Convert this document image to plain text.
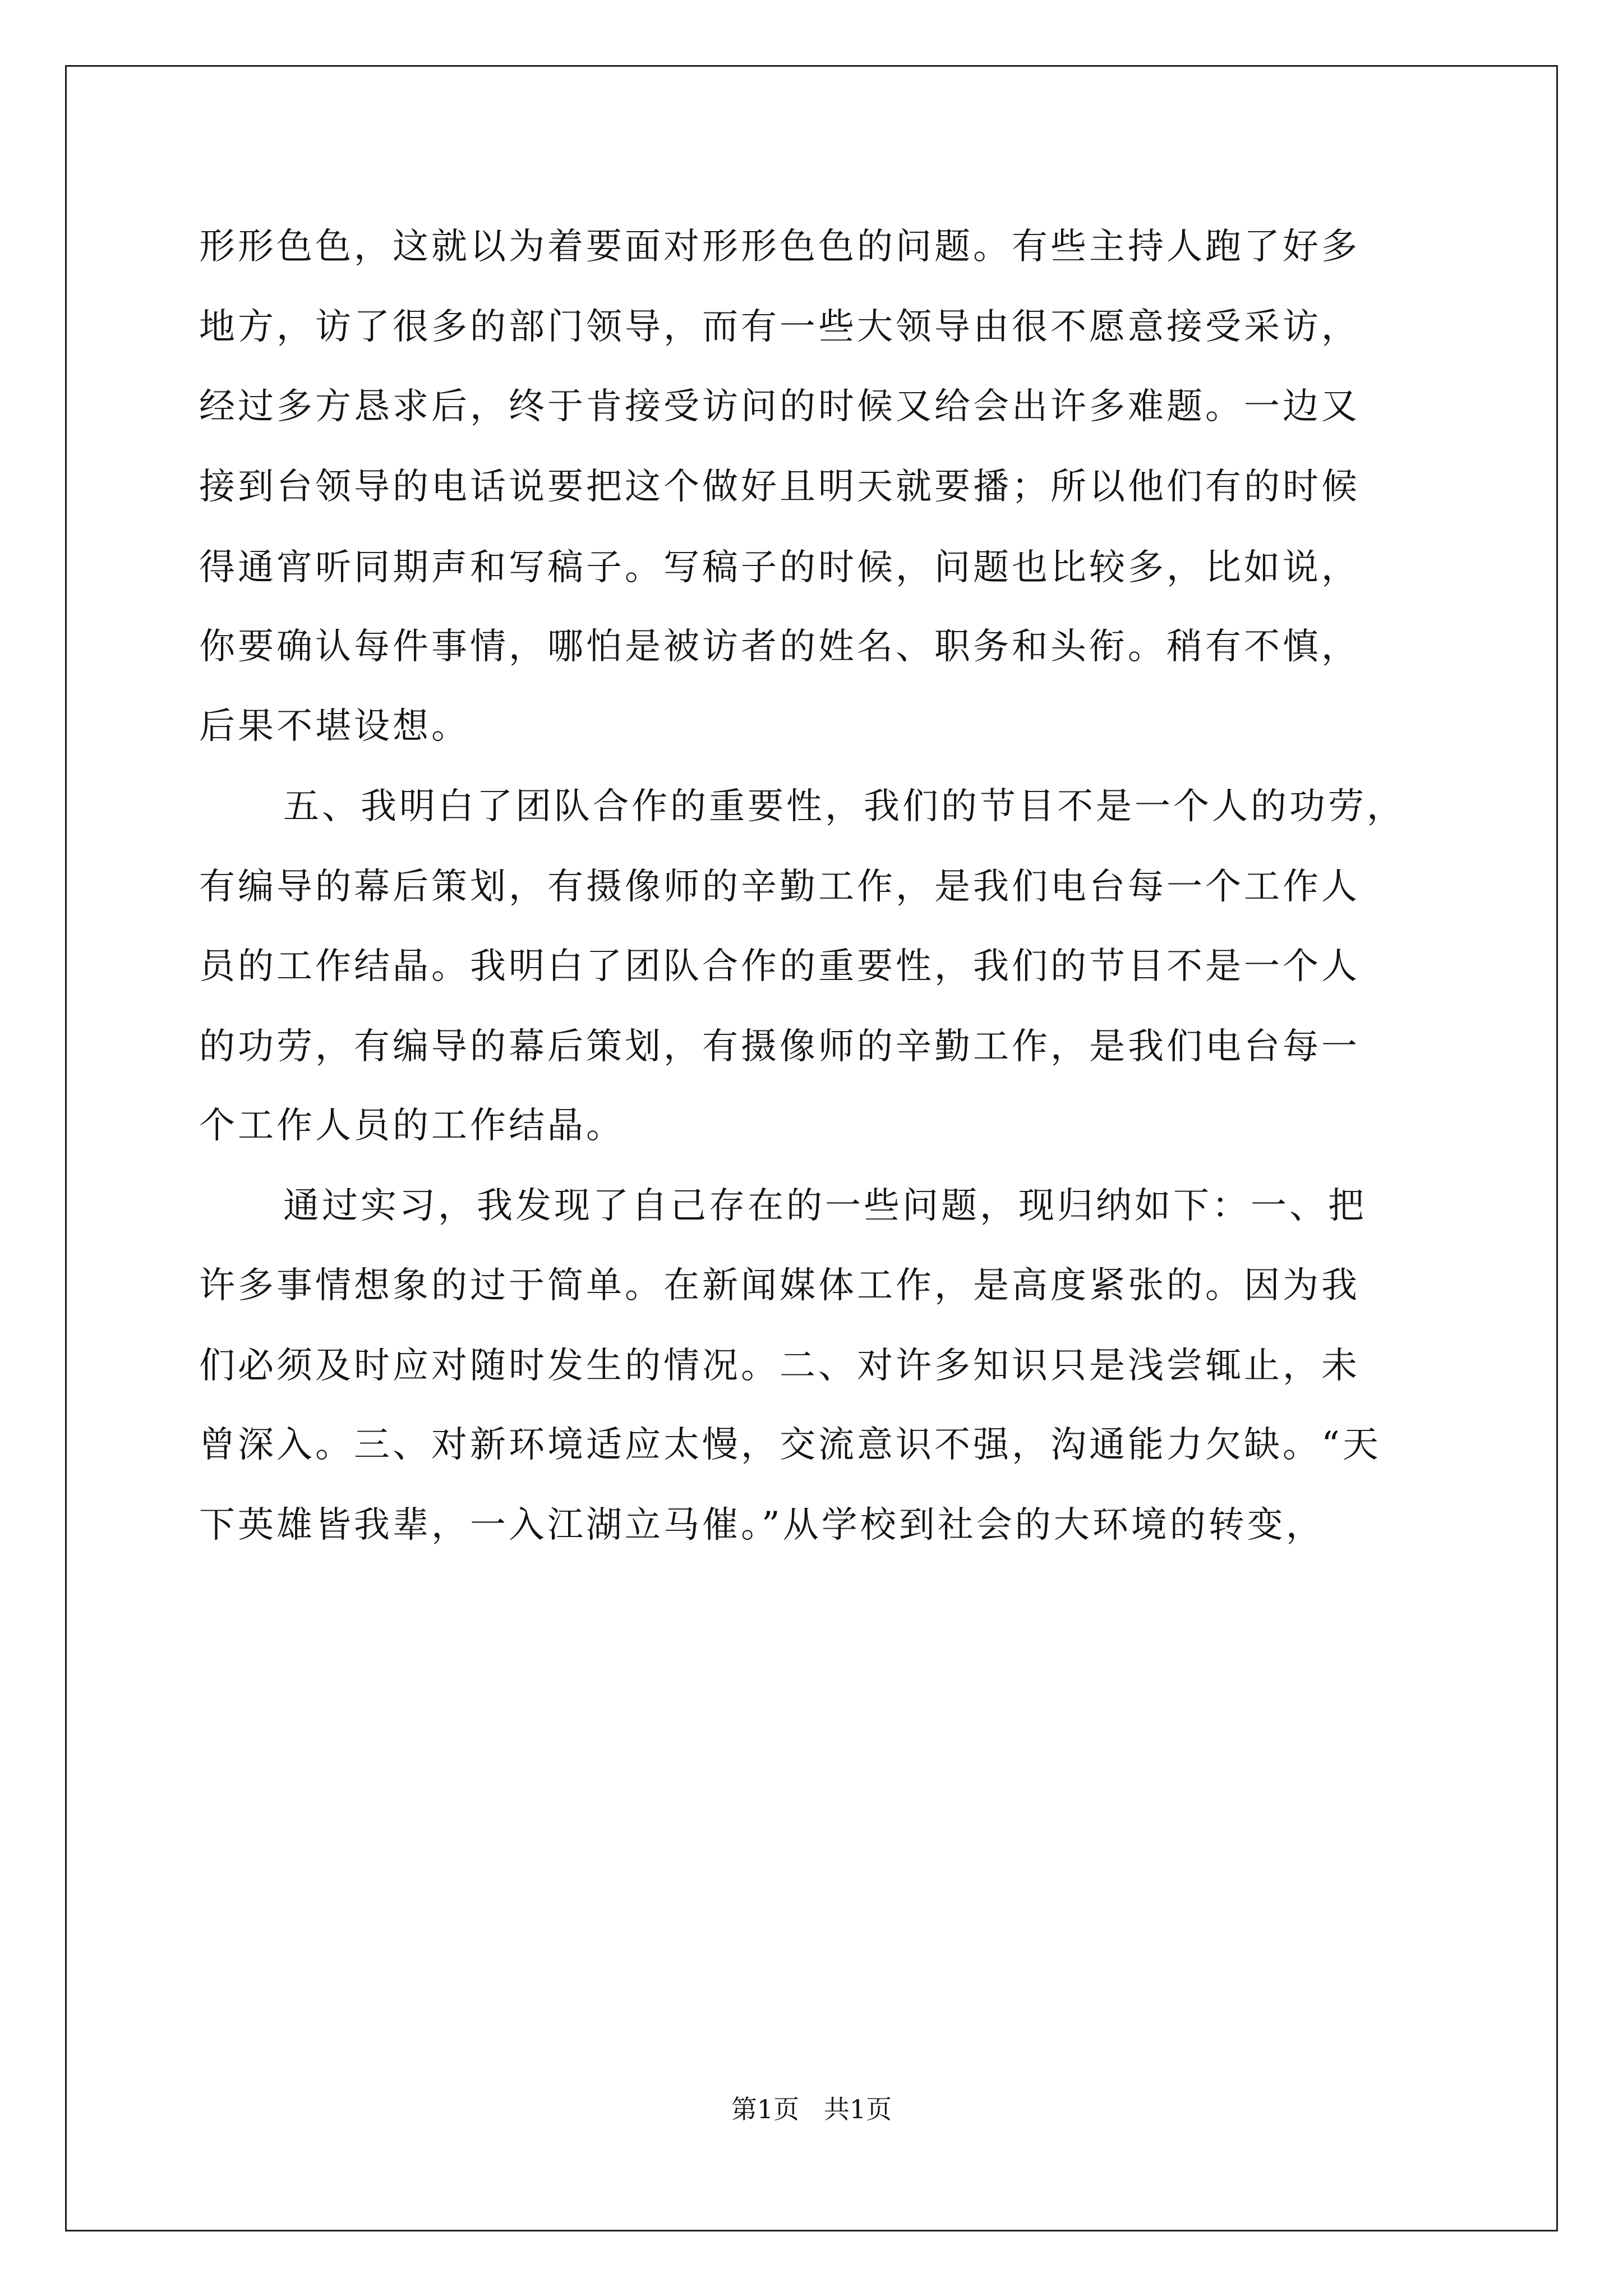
形形色色，这就以为着要面对形形色色的问题。有些主持人跑了好多
地方，访了很多的部门领导，而有一些大领导由很不愿意接受采访，
经过多方恳求后，终于肯接受访问的时候又给会出许多难题。一边又
接到台领导的电话说要把这个做好且明天就要播；所以他们有的时候
得通宵听同期声和写稿子。写稿子的时候，问题也比较多，比如说，
你要确认每件事情，哪怕是被访者的姓名、职务和头衔。稍有不慎，
后果不堪设想。
五、我明白了团队合作的重要性，我们的节目不是一个人的功劳，
有编导的幕后策划，有摄像师的辛勤工作，是我们电台每一个工作人
员的工作结晶。我明白了团队合作的重要性，我们的节目不是一个人
的功劳，有编导的幕后策划，有摄像师的辛勤工作，是我们电台每一
个工作人员的工作结晶。
通过实习，我发现了自己存在的一些问题，现归纳如下：一、把
许多事情想象的过于简单。在新闻媒体工作，是高度紧张的。因为我
们必须及时应对随时发生的情况。二、对许多知识只是浅尝辄止，未
曾深入。三、对新环境适应太慢，交流意识不强，沟通能力欠缺。“天
下英雄皆我辈，一入江湖立马催。”从学校到社会的大环境的转变，
第1页   共1页
